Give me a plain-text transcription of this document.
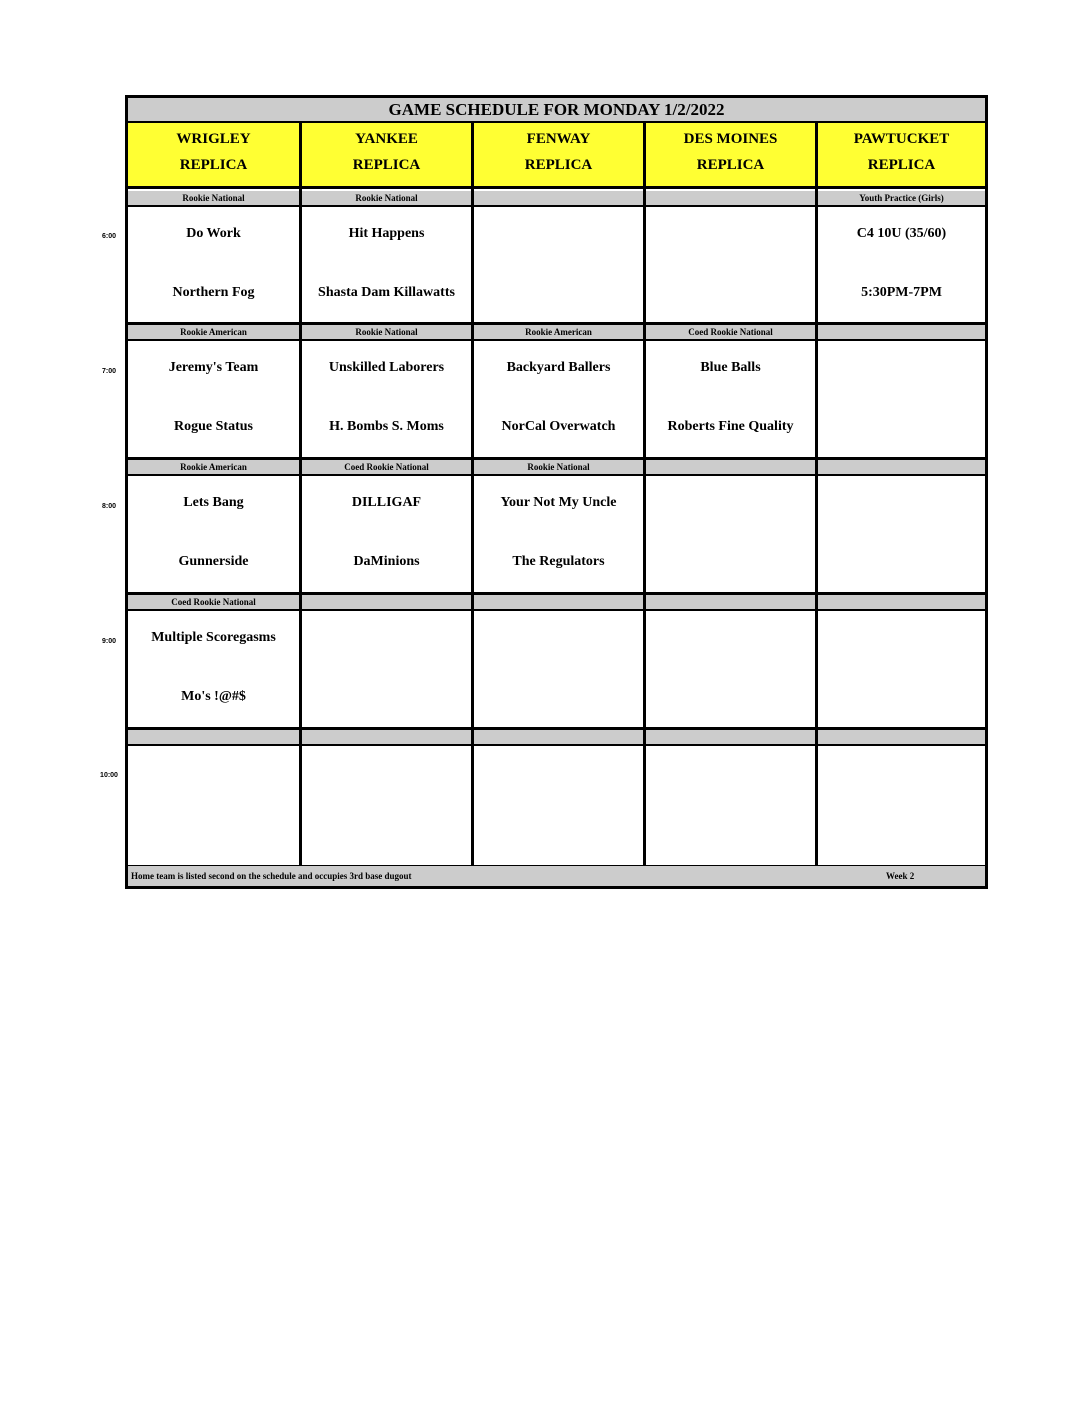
GAME SCHEDULE FOR MONDAY 1/2/2022
WRIGLEY
REPLICA
YANKEE
REPLICA
FENWAY
REPLICA
DES MOINES
REPLICA
PAWTUCKET
REPLICA
Rookie National
Do Work
Northern Fog
Rookie National
Hit Happens
Shasta Dam Killawatts
Youth Practice (Girls)
C4 10U (35/60)
5:30PM-7PM
Rookie American
Jeremy's Team
Rogue Status
Rookie National
Unskilled Laborers
H. Bombs S. Moms
Rookie American
Backyard Ballers
NorCal Overwatch
Coed Rookie National
Blue Balls
Roberts Fine Quality
Rookie American
Lets Bang
Gunnerside
Coed Rookie National
DILLIGAF
DaMinions
Rookie National
Your Not My Uncle
The Regulators
Coed Rookie National
Multiple Scoregasms
Mo's !@#$
Home team is listed second on the schedule and occupies 3rd base dugout	Week 2
6:00
7:00
8:00
9:00
10:00
